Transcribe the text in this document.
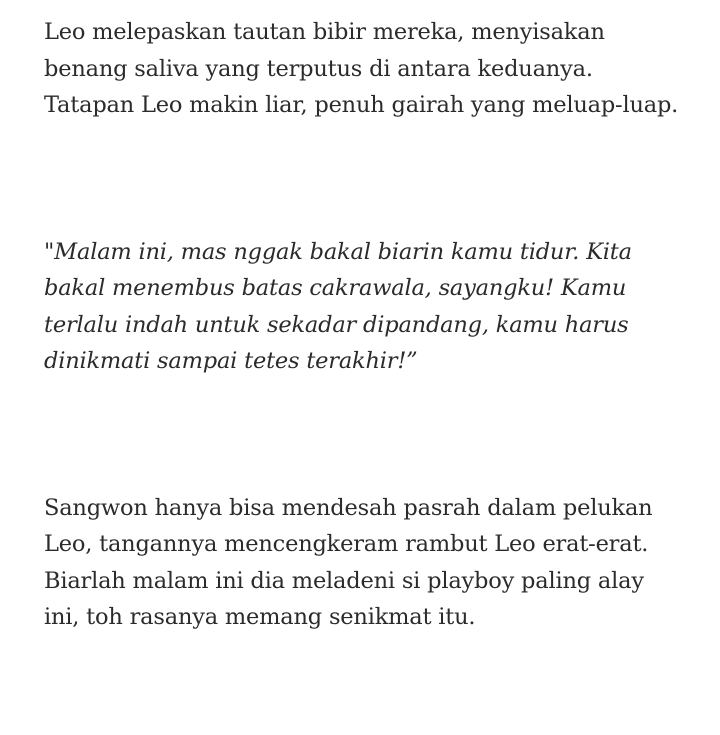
Leo melepaskan tautan bibir mereka, menyisakan benang saliva yang terputus di antara keduanya. Tatapan Leo makin liar, penuh gairah yang meluap-luap.

"Malam ini, mas nggak bakal biarin kamu tidur. Kita bakal menembus batas cakrawala, sayangku! Kamu terlalu indah untuk sekadar dipandang, kamu harus dinikmati sampai tetes terakhir!”

Sangwon hanya bisa mendesah pasrah dalam pelukan Leo, tangannya mencengkeram rambut Leo erat-erat. Biarlah malam ini dia meladeni si playboy paling alay ini, toh rasanya memang senikmat itu.
